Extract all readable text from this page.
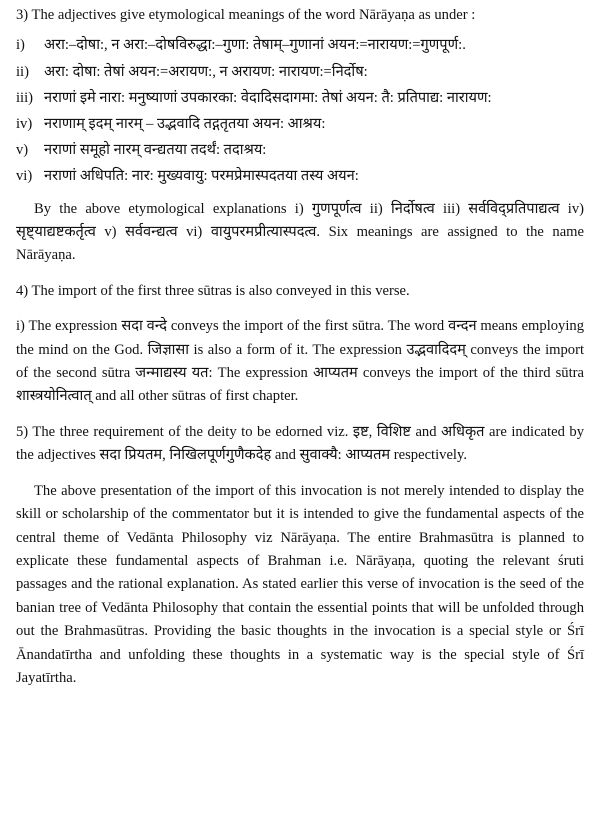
3) The adjectives give etymological meanings of the word Nārāyaṇa as under :

i) अरा:–दोषा:, न अरा:–दोषविरुद्धा:–गुणा: तेषाम्–गुणानां अयन:=नारायण:=गुणपूर्ण:.
ii) अरा: दोषा: तेषां अयन:=अरायण:, न अरायण: नारायण:=निर्दोष:
iii) नराणां इमे नारा: मनुष्याणां उपकारका: वेदादिसदागमा: तेषां अयन: तै: प्रतिपाद्य: नारायण:
iv) नराणाम् इदम् नारम् – उद्भवादि तद्गतृतया अयन: आश्रय:
v) नराणां समूहो नारम् वन्द्यतया तदर्थं: तदाश्रय:
vi) नराणां अधिपति: नार: मुख्यवायु: परमप्रेमास्पदतया तस्य अयन:

By the above etymological explanations i) गुणपूर्णत्व ii) निर्दोषत्व iii) सर्वविद्प्रतिपाद्यत्व iv) सृष्ट्याद्यष्टकर्तृत्व v) सर्ववन्द्यत्व vi) वायुपरमप्रीत्यास्पदत्व. Six meanings are assigned to the name Nārāyaṇa.

4) The import of the first three sūtras is also conveyed in this verse.

i) The expression सदा वन्दे conveys the import of the first sūtra. The word वन्दन means employing the mind on the God. जिज्ञासा is also a form of it. The expression उद्भवादिदम् conveys the import of the second sūtra जन्माद्यस्य यत: The expression आप्यतम conveys the import of the third sūtra शास्त्रयोनित्वात् and all other sūtras of first chapter.

5) The three requirement of the deity to be edorned viz. इष्ट, विशिष्ट and अधिकृत are indicated by the adjectives सदा प्रियतम, निखिलपूर्णगुणैकदेह and सुवाक्यै: आप्यतम respectively.

The above presentation of the import of this invocation is not merely intended to display the skill or scholarship of the commentator but it is intended to give the fundamental aspects of the central theme of Vedānta Philosophy viz Nārāyaṇa. The entire Brahmasūtra is planned to explicate these fundamental aspects of Brahman i.e. Nārāyaṇa, quoting the relevant śruti passages and the rational explanation. As stated earlier this verse of invocation is the seed of the banian tree of Vedānta Philosophy that contain the essential points that will be unfolded through out the Brahmasūtras. Providing the basic thoughts in the invocation is a special style or Śrī Ānandatīrtha and unfolding these thoughts in a systematic way is the special style of Śrī Jayatīrtha.
